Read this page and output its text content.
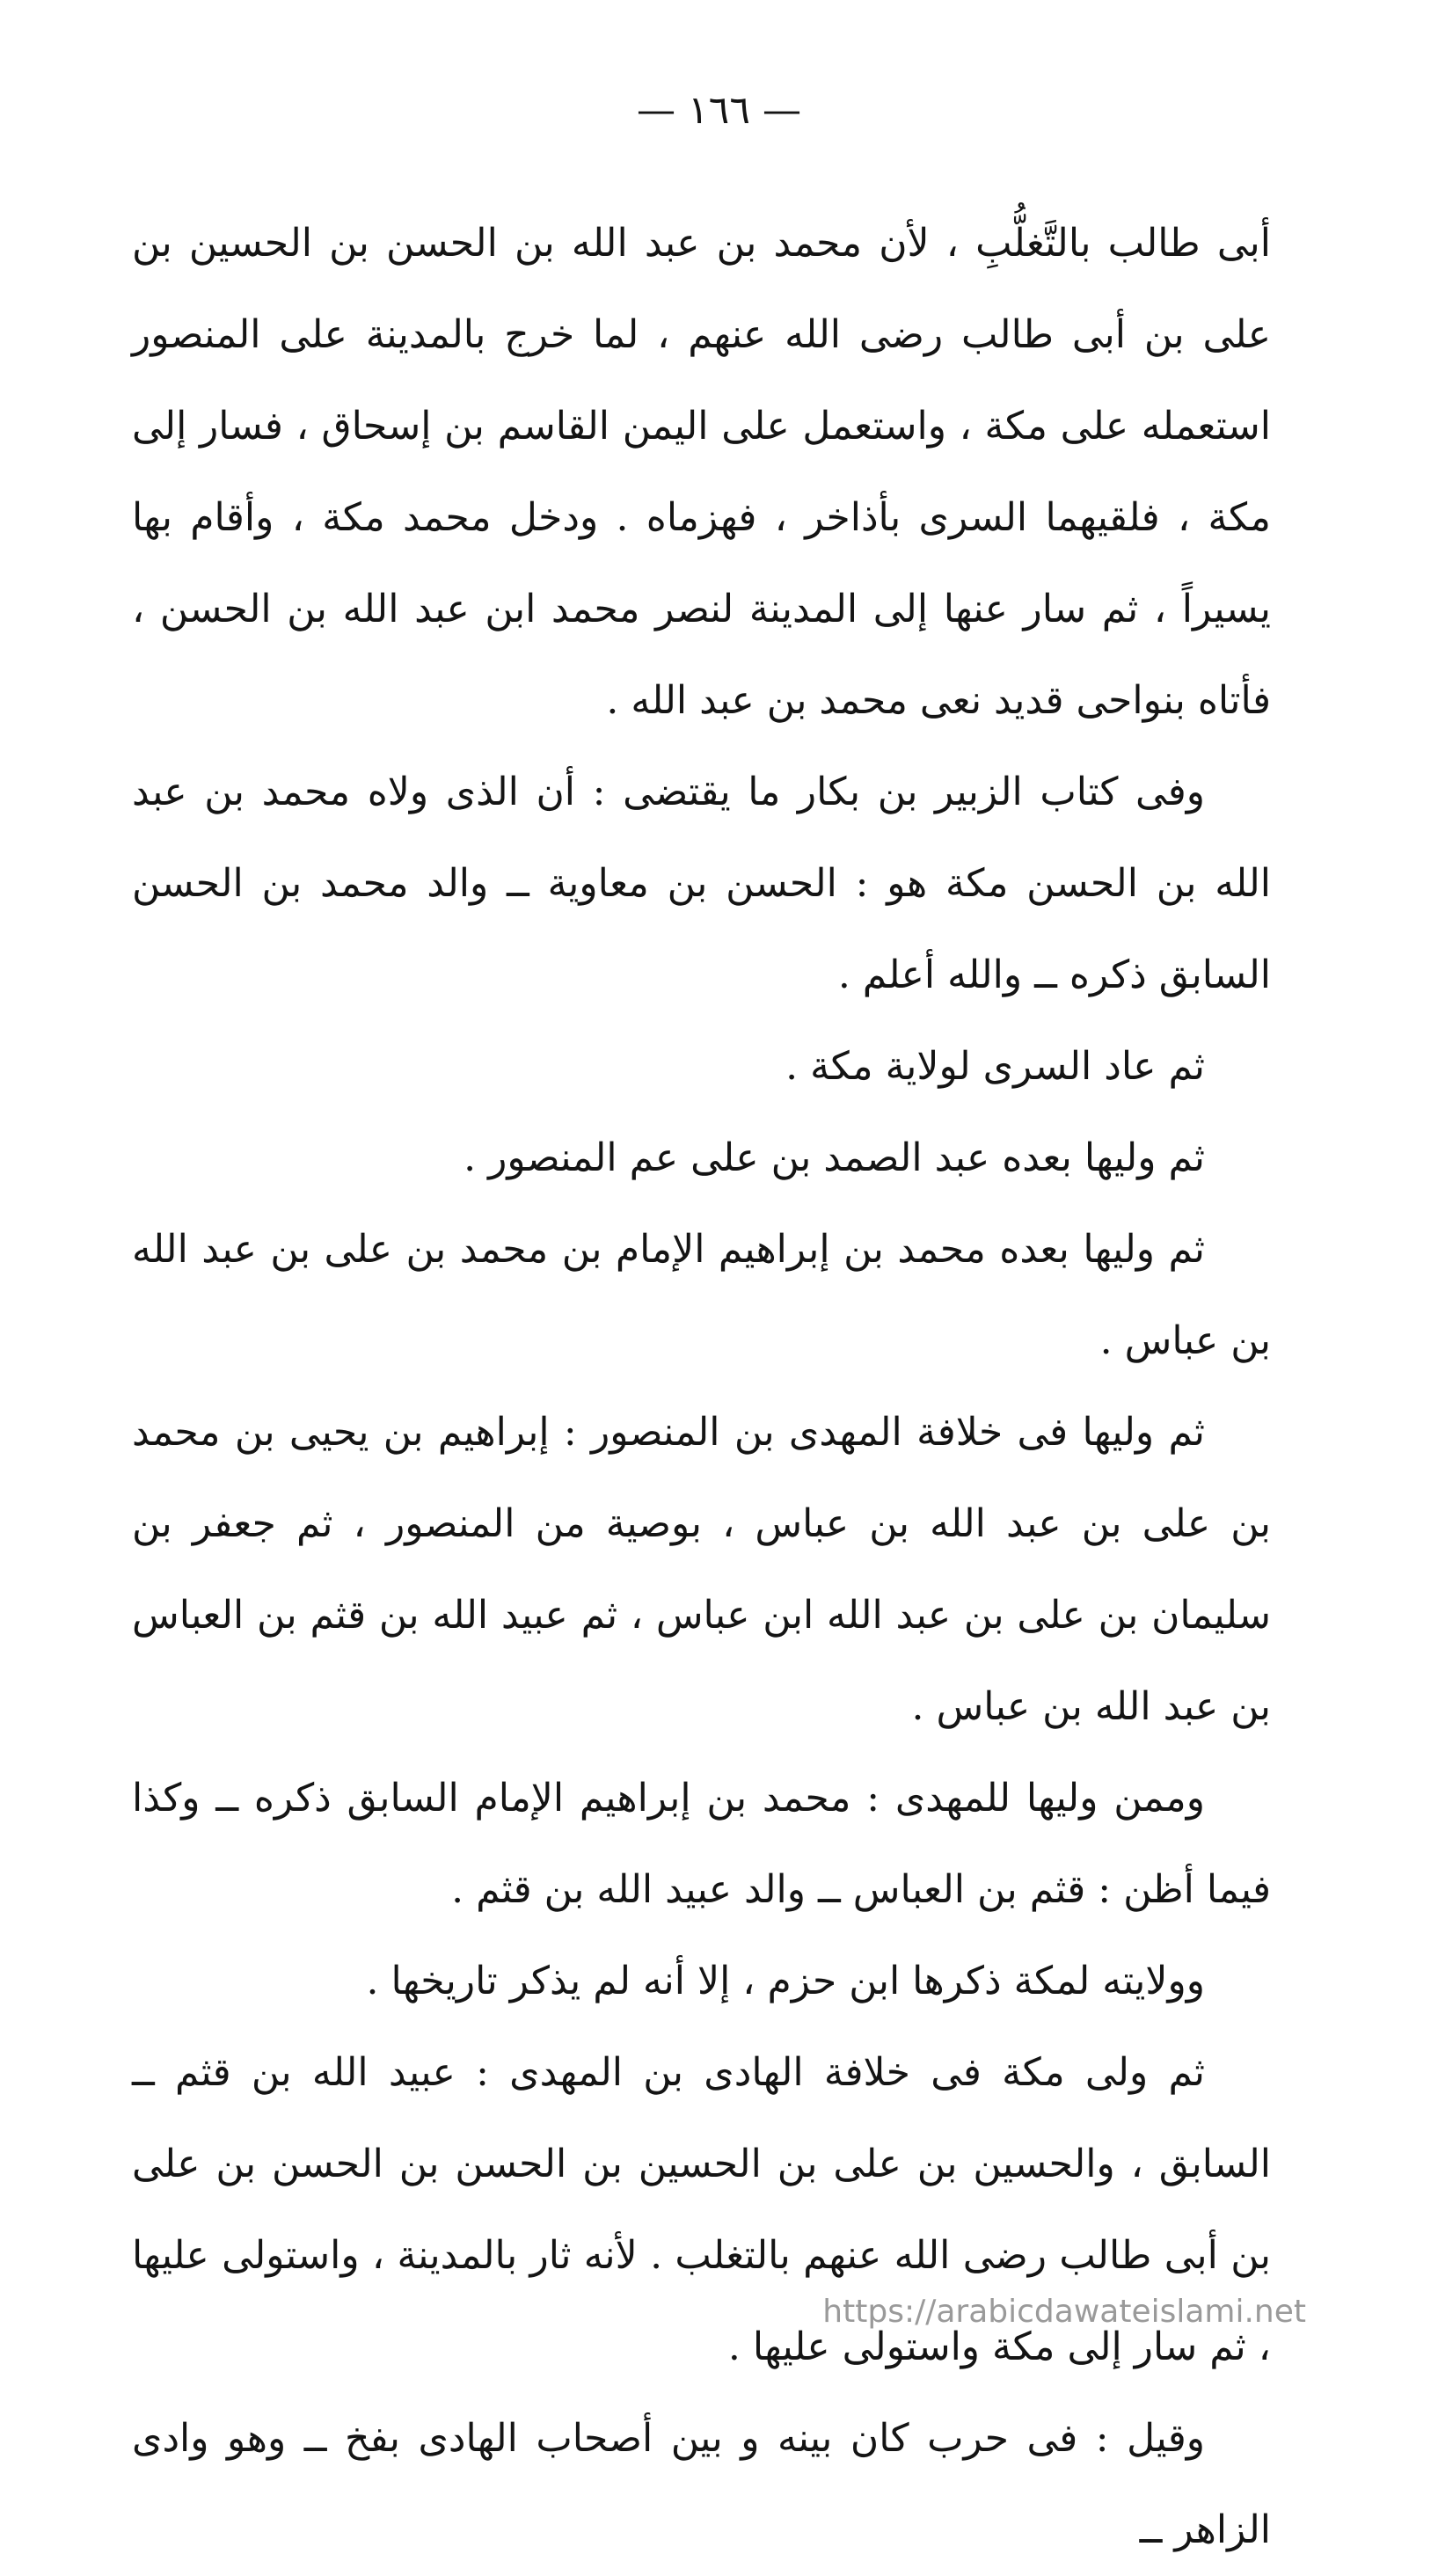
— ١٦٦ —

أبى طالب بالتَّغلُّبِ ، لأن محمد بن عبد الله بن الحسن بن الحسين بن على بن أبى طالب رضى الله عنهم ، لما خرج بالمدينة على المنصور استعمله على مكة ، واستعمل على اليمن القاسم بن إسحاق ، فسار إلى مكة ، فلقيهما السرى بأذاخر ، فهزماه . ودخل محمد مكة ، وأقام بها يسيراً ، ثم سار عنها إلى المدينة لنصر محمد ابن عبد الله بن الحسن ، فأتاه بنواحى قديد نعى محمد بن عبد الله .

وفى كتاب الزبير بن بكار ما يقتضى : أن الذى ولاه محمد بن عبد الله بن الحسن مكة هو : الحسن بن معاوية ــ والد محمد بن الحسن السابق ذكره ــ والله أعلم .

ثم عاد السرى لولاية مكة .

ثم وليها بعده عبد الصمد بن على عم المنصور .

ثم وليها بعده محمد بن إبراهيم الإمام بن محمد بن على بن عبد الله بن عباس .

ثم وليها فى خلافة المهدى بن المنصور : إبراهيم بن يحيى بن محمد بن على بن عبد الله بن عباس ، بوصية من المنصور ، ثم جعفر بن سليمان بن على بن عبد الله ابن عباس ، ثم عبيد الله بن قثم بن العباس بن عبد الله بن عباس .

وممن وليها للمهدى : محمد بن إبراهيم الإمام السابق ذكره ــ وكذا فيما أظن : قثم بن العباس ــ والد عبيد الله بن قثم .

وولايته لمكة ذكرها ابن حزم ، إلا أنه لم يذكر تاريخها .

ثم ولى مكة فى خلافة الهادى بن المهدى : عبيد الله بن قثم ــ السابق ، والحسين بن على بن الحسين بن الحسن بن الحسن بن على بن أبى طالب رضى الله عنهم بالتغلب . لأنه ثار بالمدينة ، واستولى عليها ، ثم سار إلى مكة واستولى عليها .

وقيل : فى حرب كان بينه و بين أصحاب الهادى بفخ ــ وهو وادى الزاهر ــ

https://arabicdawateislami.net
